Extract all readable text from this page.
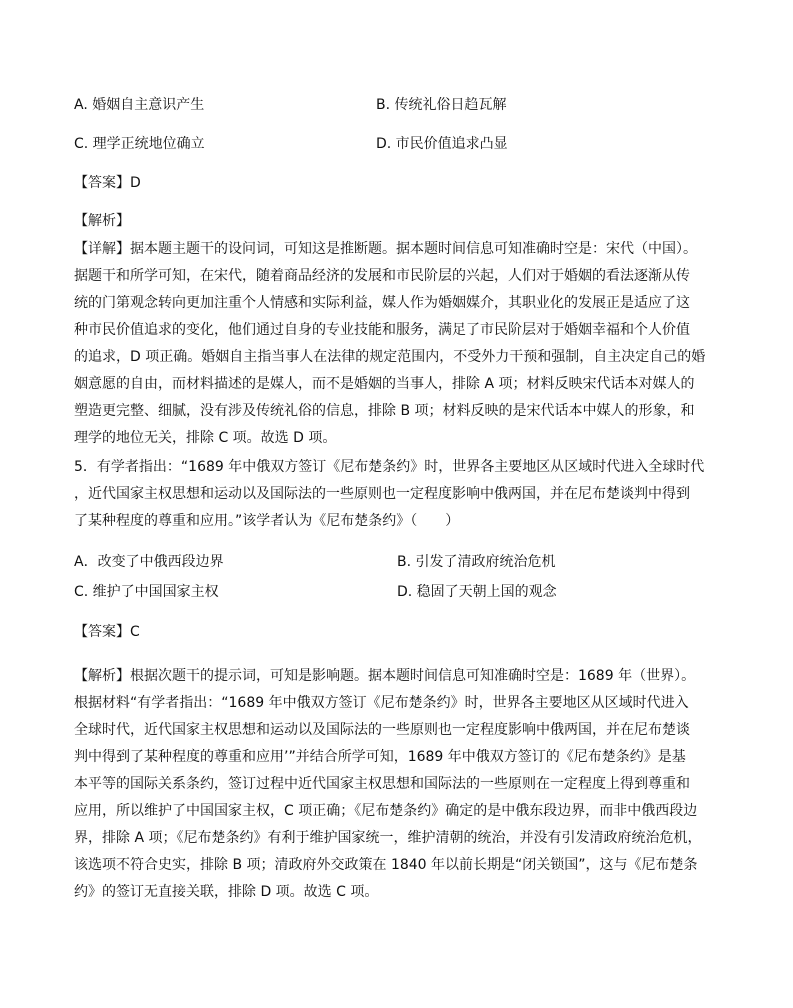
A. 婚姻自主意识产生	B. 传统礼俗日趋瓦解
C. 理学正统地位确立	D. 市民价值追求凸显
【答案】D
【解析】
【详解】据本题主题干的设问词，可知这是推断题。据本题时间信息可知准确时空是：宋代（中国）。
据题干和所学可知，在宋代，随着商品经济的发展和市民阶层的兴起，人们对于婚姻的看法逐渐从传
统的门第观念转向更加注重个人情感和实际利益，媒人作为婚姻媒介，其职业化的发展正是适应了这
种市民价值追求的变化，他们通过自身的专业技能和服务，满足了市民阶层对于婚姻幸福和个人价值
的追求，D 项正确。婚姻自主指当事人在法律的规定范围内，不受外力干预和强制，自主决定自己的婚
姻意愿的自由，而材料描述的是媒人，而不是婚姻的当事人，排除 A 项；材料反映宋代话本对媒人的
塑造更完整、细腻，没有涉及传统礼俗的信息，排除 B 项；材料反映的是宋代话本中媒人的形象，和
理学的地位无关，排除 C 项。故选 D 项。
5．有学者指出：“1689 年中俄双方签订《尼布楚条约》时，世界各主要地区从区域时代进入全球时代
，近代国家主权思想和运动以及国际法的一些原则也一定程度影响中俄两国，并在尼布楚谈判中得到
了某种程度的尊重和应用。”该学者认为《尼布楚条约》（　　）
A．改变了中俄西段边界	B. 引发了清政府统治危机
C. 维护了中国国家主权	D. 稳固了天朝上国的观念
【答案】C
【解析】根据次题干的提示词，可知是影响题。据本题时间信息可知准确时空是：1689 年（世界）。
根据材料“有学者指出：“1689 年中俄双方签订《尼布楚条约》时，世界各主要地区从区域时代进入
全球时代，近代国家主权思想和运动以及国际法的一些原则也一定程度影响中俄两国，并在尼布楚谈
判中得到了某种程度的尊重和应用’”并结合所学可知，1689 年中俄双方签订的《尼布楚条约》是基
本平等的国际关系条约，签订过程中近代国家主权思想和国际法的一些原则在一定程度上得到尊重和
应用，所以维护了中国国家主权，C 项正确；《尼布楚条约》确定的是中俄东段边界，而非中俄西段边
界，排除 A 项；《尼布楚条约》有利于维护国家统一，维护清朝的统治，并没有引发清政府统治危机，
该选项不符合史实，排除 B 项；清政府外交政策在 1840 年以前长期是“闭关锁国”，这与《尼布楚条
约》的签订无直接关联，排除 D 项。故选 C 项。
